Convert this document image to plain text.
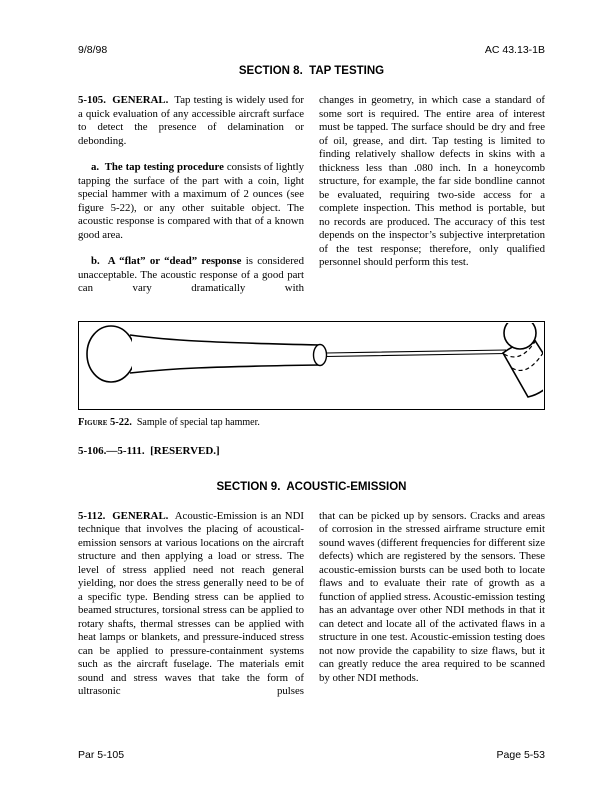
9/8/98	AC 43.13-1B
SECTION 8.  TAP TESTING

5-105.  GENERAL.  Tap testing is widely used for a quick evaluation of any accessible aircraft surface to detect the presence of delamination or debonding.

a.  The tap testing procedure consists of lightly tapping the surface of the part with a coin, light special hammer with a maximum of 2 ounces (see figure 5-22), or any other suitable object. The acoustic response is compared with that of a known good area.

b.  A “flat” or “dead” response is considered unacceptable. The acoustic response of a good part can vary dramatically with

changes in geometry, in which case a standard of some sort is required. The entire area of interest must be tapped. The surface should be dry and free of oil, grease, and dirt. Tap testing is limited to finding relatively shallow defects in skins with a thickness less than .080 inch. In a honeycomb structure, for example, the far side bondline cannot be evaluated, requiring two-side access for a complete inspection. This method is portable, but no records are produced. The accuracy of this test depends on the inspector’s subjective interpretation of the test response; therefore, only qualified personnel should perform this test.

Figure 5-22.  Sample of special tap hammer.
5-106.—5-111.  [RESERVED.]
SECTION 9.  ACOUSTIC-EMISSION

5-112.  GENERAL.  Acoustic-Emission is an NDI technique that involves the placing of acoustical-emission sensors at various locations on the aircraft structure and then applying a load or stress. The level of stress applied need not reach general yielding, nor does the stress generally need to be of a specific type. Bending stress can be applied to beamed structures, torsional stress can be applied to rotary shafts, thermal stresses can be applied with heat lamps or blankets, and pressure-induced stress can be applied to pressure-containment systems such as the aircraft fuselage. The materials emit sound and stress waves that take the form of ultrasonic pulses

that can be picked up by sensors. Cracks and areas of corrosion in the stressed airframe structure emit sound waves (different frequencies for different size defects) which are registered by the sensors. These acoustic-emission bursts can be used both to locate flaws and to evaluate their rate of growth as a function of applied stress. Acoustic-emission testing has an advantage over other NDI methods in that it can detect and locate all of the activated flaws in a structure in one test. Acoustic-emission testing does not now provide the capability to size flaws, but it can greatly reduce the area required to be scanned by other NDI methods.

Par 5-105	Page 5-53
